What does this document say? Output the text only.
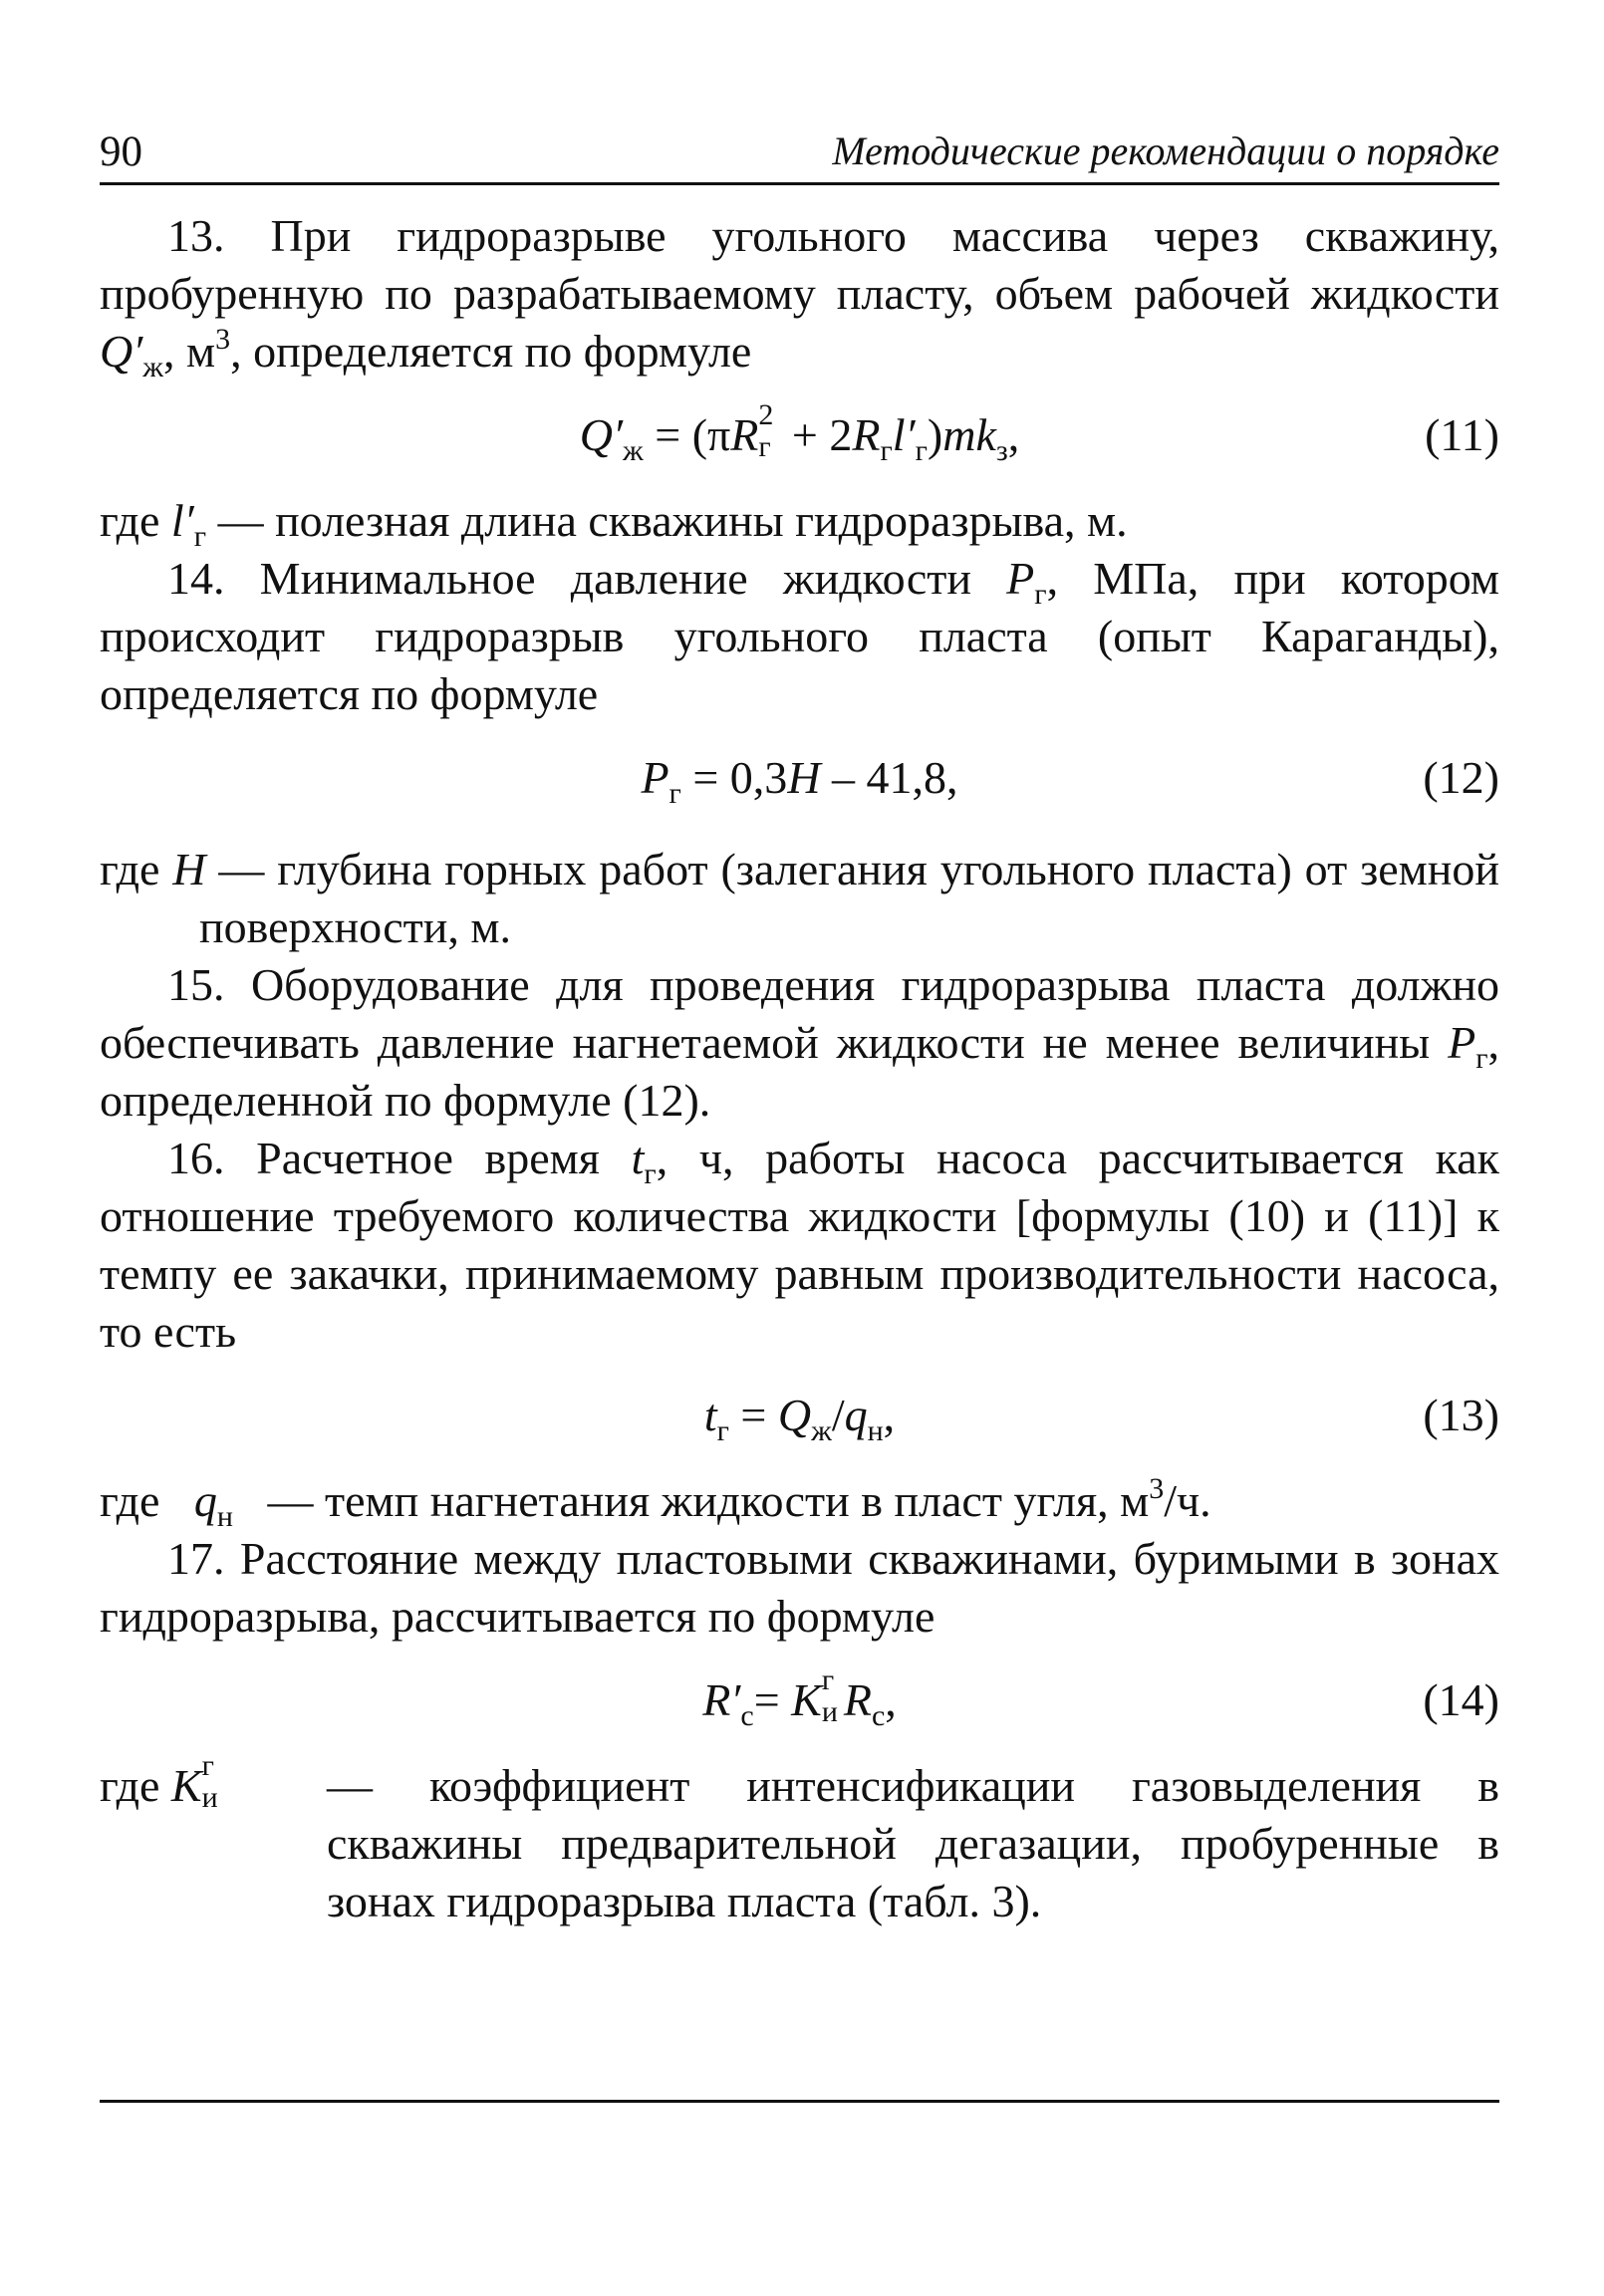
90	Методические рекомендации о порядке

13. При гидроразрыве угольного массива через скважину, пробуренную по разрабатываемому пласту, объем рабочей жидкости $Q'_ж$, $м^3$, определяется по формуле

$Q'_ж = (\pi R$ 2
$г + 2R_гl'_г)mk_з$,	(11)

где $l'_г$ — полезная длина скважины гидроразрыва, м.

14. Минимальное давление жидкости $P_г$, МПа, при котором происходит гидроразрыв угольного пласта (опыт Караганды), определяется по формуле

$P_г = 0,3H - 41,8$,	(12)

где H — глубина горных работ (залегания угольного пласта) от земной поверхности, м.

15. Оборудование для проведения гидроразрыва пласта должно обеспечивать давление нагнетаемой жидкости не менее величины $P_г$, определенной по формуле (12).

16. Расчетное время $t_г$, ч, работы насоса рассчитывается как отношение требуемого количества жидкости [формулы (10) и (11)] к темпу ее закачки, принимаемому равным производительности насоса, то есть

$t_г = Q_ж/q_н$,	(13)

где $q_н$ — темп нагнетания жидкости в пласт угля, $м^3/ч$.

17. Расстояние между пластовыми скважинами, буримыми в зонах гидроразрыва, рассчитывается по формуле

$R'_с= K$ г
и $R_с$,	(14)
где K г
и — коэффициент интенсификации газовыделения в скважины предварительной дегазации, пробуренные в зонах гидроразрыва пласта (табл. 3).
